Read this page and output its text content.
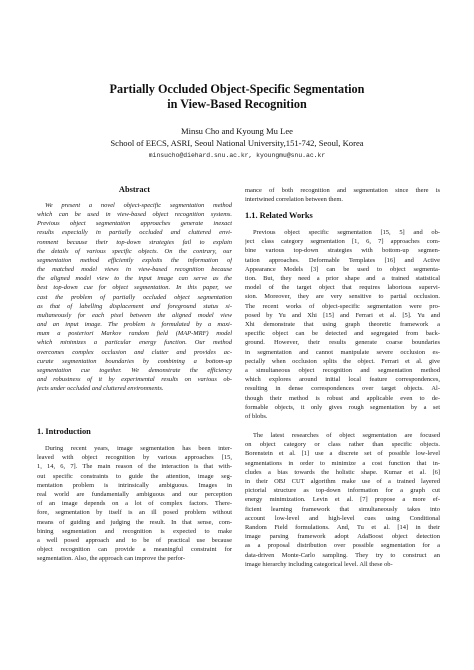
Partially Occluded Object-Specific Segmentation
in View-Based Recognition
Minsu Cho and Kyoung Mu Lee
School of EECS, ASRI, Seoul National University,151-742, Seoul, Korea
minsucho@diehard.snu.ac.kr, kyoungmu@snu.ac.kr
Abstract
We present a novel object-specific segmentation method
which can be used in view-based object recognition systems.
Previous object segmentation approaches generate inexact
results especially in partially occluded and cluttered envi-
ronment because their top-down strategies fail to explain
the details of various specific objects. On the contrary, our
segmentation method efficiently exploits the information of
the matched model views in view-based recognition because
the aligned model view to the input image can serve as the
best top-down cue for object segmentation. In this paper, we
cast the problem of partially occluded object segmentation
as that of labelling displacement and foreground status si-
multaneously for each pixel between the aligned model view
and an input image. The problem is formulated by a maxi-
mum a posteriori Markov random field (MAP-MRF) model
which minimizes a particular energy function. Our method
overcomes complex occlusion and clutter and provides ac-
curate segmentation boundaries by combining a bottom-up
segmentation cue together. We demonstrate the efficiency
and robustness of it by experimental results on various ob-
jects under occluded and cluttered environments.
1. Introduction
During recent years, image segmentation has been inter-
leaved with object recognition by various approaches [15,
1, 14, 6, 7]. The main reason of the interaction is that with-
out specific constraints to guide the attention, image seg-
mentation problem is intrinsically ambiguous. Images in
real world are fundamentally ambiguous and our perception
of an image depends on a lot of complex factors. There-
fore, segmentation by itself is an ill posed problem without
means of guiding and judging the result. In that sense, com-
bining segmentation and recognition is expected to make
a well posed approach and to be of practical use because
object recognition can provide a meaningful constraint for
segmentation. Also, the approach can improve the perfor-
mance of both recognition and segmentation since there is
intertwined correlation between them.
1.1. Related Works
Previous object specific segmentation [15, 5] and ob-
ject class category segmentation [1, 6, 7] approaches com-
bine various top-down strategies with bottom-up segmen-
tation approaches. Deformable Templates [16] and Active
Appearance Models [3] can be used to object segmenta-
tion. But, they need a prior shape and a trained statistical
model of the target object that requires laborious supervi-
sion. Moreover, they are very sensitive to partial occlusion.
The recent works of object-specific segmentation were pro-
posed by Yu and Xhi [15] and Ferrari et al. [5]. Yu and
Xhi demonstrate that using graph theoretic framework a
specific object can be detected and segregated from back-
ground. However, their results generate coarse boundaries
in segmentation and cannot manipulate severe occlusion es-
pecially when occlusion splits the object. Ferrari et al. give
a simultaneous object recognition and segmentation method
which explores around initial local feature correspondences,
resulting in dense correspondences over target objects. Al-
though their method is robust and applicable even to de-
formable objects, it only gives rough segmentation by a set
of blobs.
The latest researches of object segmentation are focused
on object category or class rather than specific objects.
Borenstein et al. [1] use a discrete set of possible low-level
segmentations in order to minimize a cost function that in-
cludes a bias towards the holistic shape. Kumar et al. [6]
in their OBJ CUT algorithm make use of a trained layered
pictorial structure as top-down information for a graph cut
energy minimization. Levin et al. [7] propose a more ef-
ficient learning framework that simultaneously takes into
account low-level and high-level cues using Conditional
Random Field formulations. And, Tu et al. [14] in their
image parsing framework adopt AdaBoost object detection
as a proposal distribution over possible segmentation for a
data-driven Monte-Carlo sampling. They try to construct an
image hierarchy including categorical level. All these ob-
